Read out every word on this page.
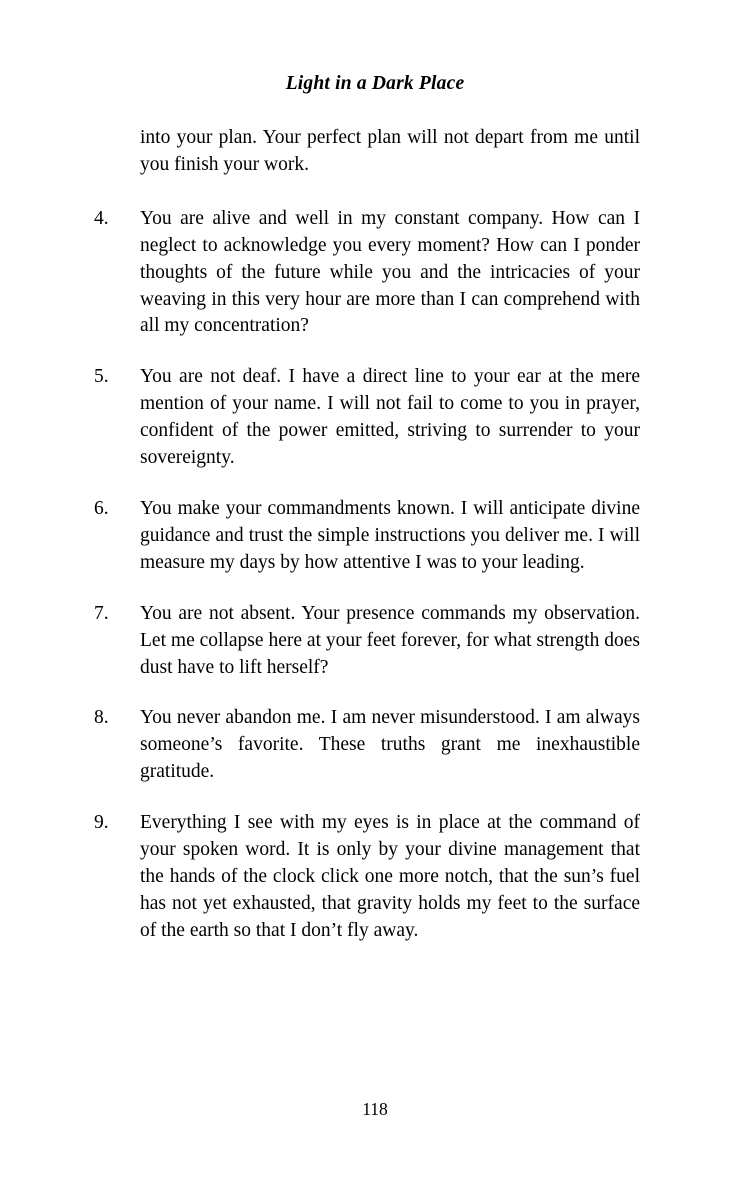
Light in a Dark Place
into your plan. Your perfect plan will not depart from me until you finish your work.
4.	You are alive and well in my constant company. How can I neglect to acknowledge you every moment? How can I ponder thoughts of the future while you and the intricacies of your weaving in this very hour are more than I can comprehend with all my concentration?
5.	You are not deaf. I have a direct line to your ear at the mere mention of your name. I will not fail to come to you in prayer, confident of the power emitted, striving to surrender to your sovereignty.
6.	You make your commandments known. I will anticipate divine guidance and trust the simple instructions you deliver me. I will measure my days by how attentive I was to your leading.
7.	You are not absent. Your presence commands my observation. Let me collapse here at your feet forever, for what strength does dust have to lift herself?
8.	You never abandon me. I am never misunderstood. I am always someone’s favorite. These truths grant me inexhaustible gratitude.
9.	Everything I see with my eyes is in place at the command of your spoken word. It is only by your divine management that the hands of the clock click one more notch, that the sun’s fuel has not yet exhausted, that gravity holds my feet to the surface of the earth so that I don’t fly away.
118
